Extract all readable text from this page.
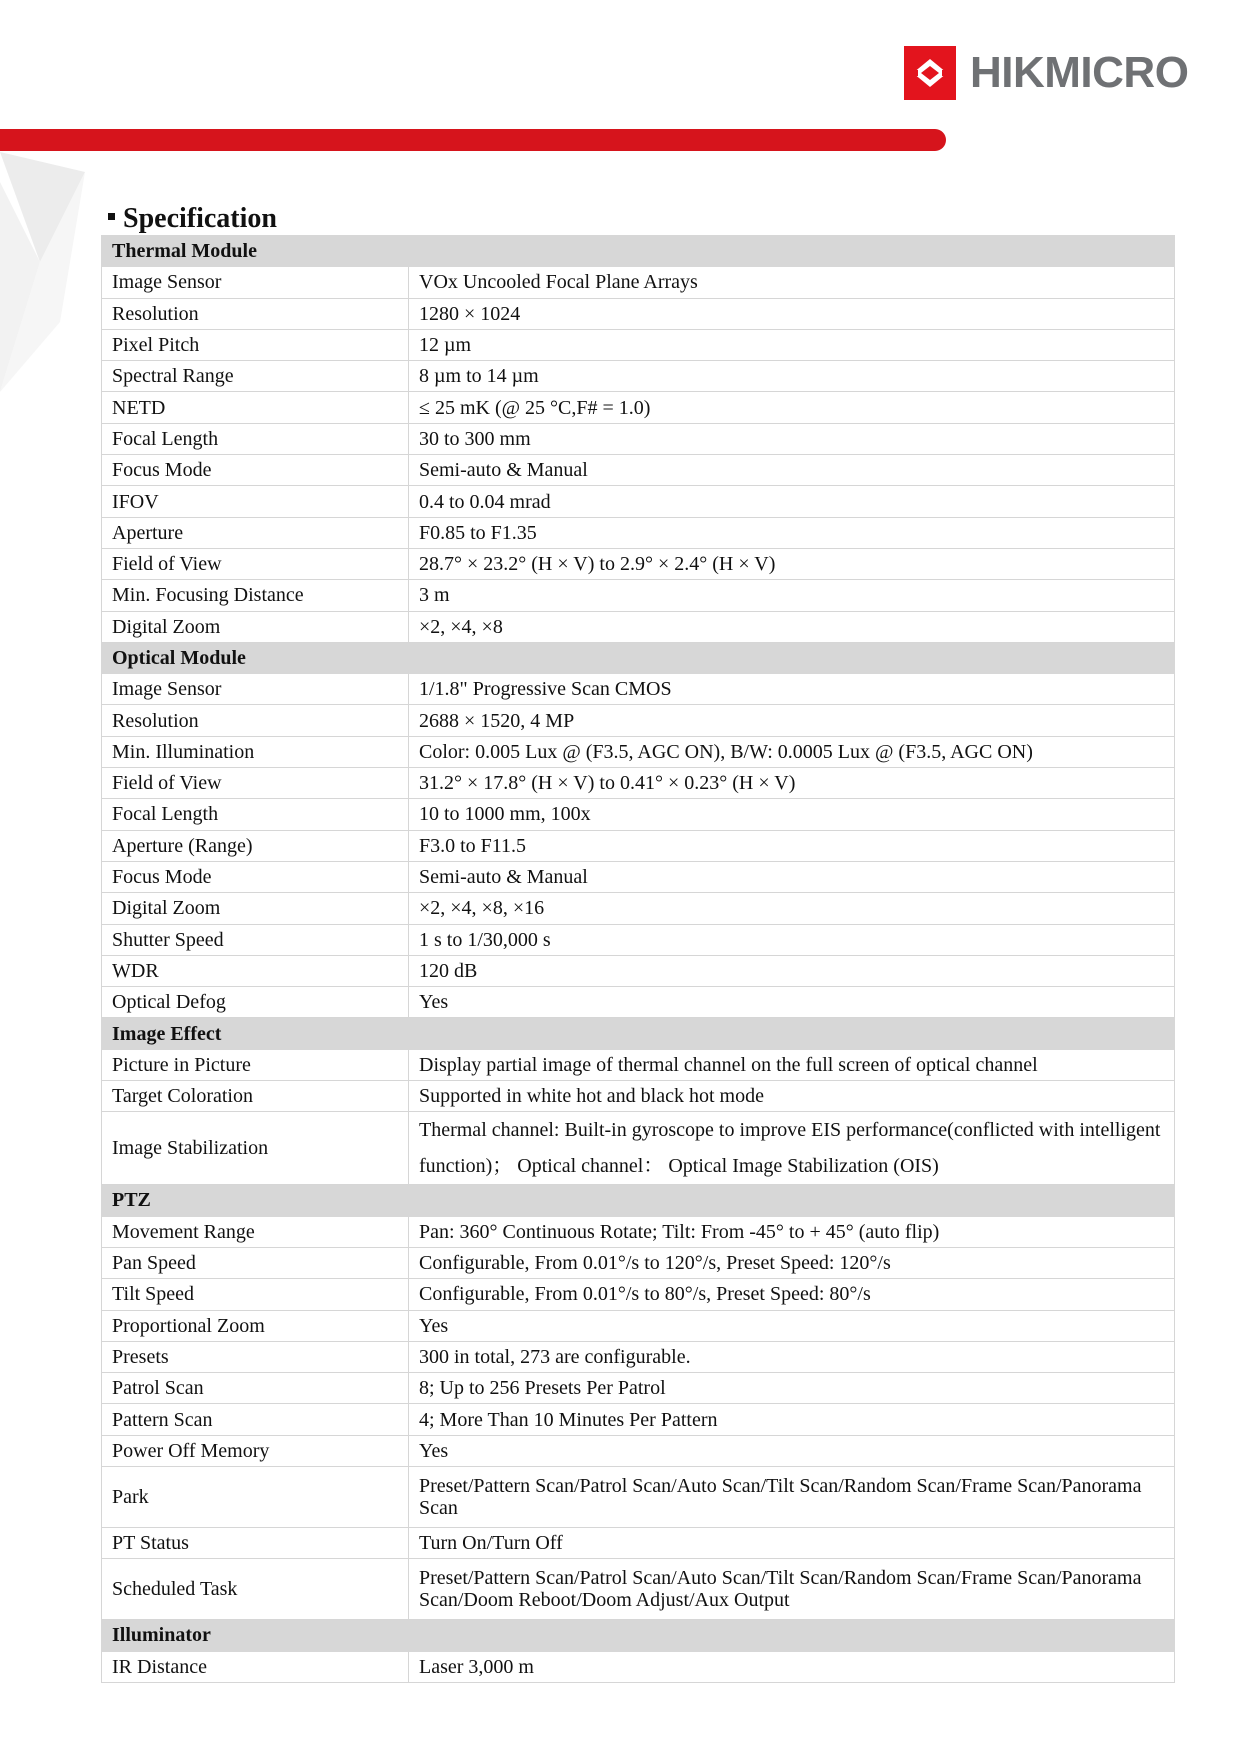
HIKMICRO
Specification
Thermal Module	
Image Sensor	VOx Uncooled Focal Plane Arrays
Resolution	1280 × 1024
Pixel Pitch	12 µm
Spectral Range	8 µm to 14 µm
NETD	≤ 25 mK (@ 25 °C,F# = 1.0)
Focal Length	30 to 300 mm
Focus Mode	Semi-auto & Manual
IFOV	0.4 to 0.04 mrad
Aperture	F0.85 to F1.35
Field of View	28.7° × 23.2° (H × V) to 2.9° × 2.4° (H × V)
Min. Focusing Distance	3 m
Digital Zoom	×2, ×4, ×8
Optical Module	
Image Sensor	1/1.8" Progressive Scan CMOS
Resolution	2688 × 1520, 4 MP
Min. Illumination	Color: 0.005 Lux @ (F3.5, AGC ON), B/W: 0.0005 Lux @ (F3.5, AGC ON)
Field of View	31.2° × 17.8° (H × V) to 0.41° × 0.23° (H × V)
Focal Length	10 to 1000 mm, 100x
Aperture (Range)	F3.0 to F11.5
Focus Mode	Semi-auto & Manual
Digital Zoom	×2, ×4, ×8, ×16
Shutter Speed	1 s to 1/30,000 s
WDR	120 dB
Optical Defog	Yes
Image Effect	
Picture in Picture	Display partial image of thermal channel on the full screen of optical channel
Target Coloration	Supported in white hot and black hot mode
Image Stabilization	Thermal channel: Built-in gyroscope to improve EIS performance(conflicted with intelligent function)； Optical channel： Optical Image Stabilization (OIS)
PTZ	
Movement Range	Pan: 360° Continuous Rotate; Tilt: From -45° to + 45° (auto flip)
Pan Speed	Configurable, From 0.01°/s to 120°/s, Preset Speed: 120°/s
Tilt Speed	Configurable, From 0.01°/s to 80°/s, Preset Speed: 80°/s
Proportional Zoom	Yes
Presets	300 in total, 273 are configurable.
Patrol Scan	8; Up to 256 Presets Per Patrol
Pattern Scan	4; More Than 10 Minutes Per Pattern
Power Off Memory	Yes
Park	Preset/Pattern Scan/Patrol Scan/Auto Scan/Tilt Scan/Random Scan/Frame Scan/Panorama Scan
PT Status	Turn On/Turn Off
Scheduled Task	Preset/Pattern Scan/Patrol Scan/Auto Scan/Tilt Scan/Random Scan/Frame Scan/Panorama Scan/Doom Reboot/Doom Adjust/Aux Output
Illuminator	
IR Distance	Laser 3,000 m
